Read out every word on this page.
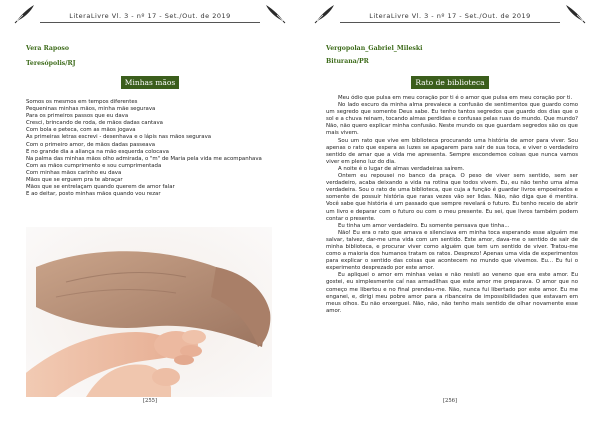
LiteraLivre Vl. 3 - nº 17 - Set./Out. de 2019
Vera Raposo
Teresópolis/RJ
Minhas mãos
Somos os mesmos em tempos diferentes
Pequeninas minhas mãos, minha mãe segurava
Para os primeiros passos que eu dava
Cresci, brincando de roda, de mãos dadas cantava
Com bola e peteca, com as mãos jogava
As primeiras letras escrevi - desenhava e o lápis nas mãos segurava
Com o primeiro amor, de mãos dadas passeava
E no grande dia a aliança na mão esquerda colocava
Na palma das minhas mãos olho admirada, o "m" de Maria pela vida me acompanhava
Com as mãos cumprimento e sou cumprimentada
Com minhas mãos carinho eu dava
Mãos que se erguem pra te abraçar
Mãos que se entrelaçam quando querem de amor falar
E ao deitar, posto minhas mãos quando vou rezar
[255]
LiteraLivre Vl. 3 - nº 17 - Set./Out. de 2019
Vergopolan_Gabriel_Mileski
Biturana/PR
Rato de biblioteca
Meu ódio que pulsa em meu coração por ti é o amor que pulsa em meu coração por ti.
No lado escuro da minha alma prevalece a confusão de sentimentos que guardo como um segredo que somente Deus sabe. Eu tenho tantos segredos que guardo dos dias que o sol e a chuva reinam, tocando almas perdidas e confusas pelas ruas do mundo. Que mundo? Não, não quero explicar minha confusão. Neste mundo os que guardam segredos são os que mais vivem.
Sou um rato que vive em biblioteca procurando uma história de amor para viver. Sou apenas o rato que espera as luzes se apagarem para sair de sua toca, e viver o verdadeiro sentido de amar que a vida me apresenta. Sempre escondemos coisas que nunca vamos viver em pleno luz do dia.
A noite é o lugar de almas verdadeiras saírem.
Ontem eu repousei no banco da praça. O peso de viver sem sentido, sem ser verdadeiro, acaba deixando a vida na rotina que todos vivem. Eu, eu não tenho uma alma verdadeira. Sou o rato de uma biblioteca, que cuja a função é guardar livros empoeirados e somente de possuir história que raras vezes vão ser lidas. Não, não diga que é mentira. Você sabe que história é um passado que sempre revelará o futuro. Eu tenho receio de abrir um livro e deparar com o futuro ou com o meu presente. Eu sei, que livros também podem contar o presente.
Eu tinha um amor verdadeiro. Eu somente pensava que tinha...
Não! Eu era o rato que amava e silenciava em minha toca esperando esse alguém me salvar, talvez, dar-me uma vida com um sentido. Este amor, dava-me o sentido de sair de minha biblioteca, e procurar viver como alguém que tem um sentido de viver. Tratou-me como a maioria dos humanos tratam os ratos. Desprezo! Apenas uma vida de experimentos para explicar o sentido das coisas que acontecem no mundo que vivemos. Eu... Eu fui o experimento desprezado por este amor.
Eu apliquei o amor em minhas veias e não resisti ao veneno que era este amor. Eu gostei, eu simplesmente caí nas armadilhas que este amor me preparava. O amor que no começo me libertou e no final prendeu-me. Não, nunca fui libertado por este amor. Eu me enganei, e, dirigi meu pobre amor para a ribanceira de impossibilidades que estavam em meus olhos. Eu não enxerguei. Não, não, não tenho mais sentido de olhar novamente esse amor.
[256]
